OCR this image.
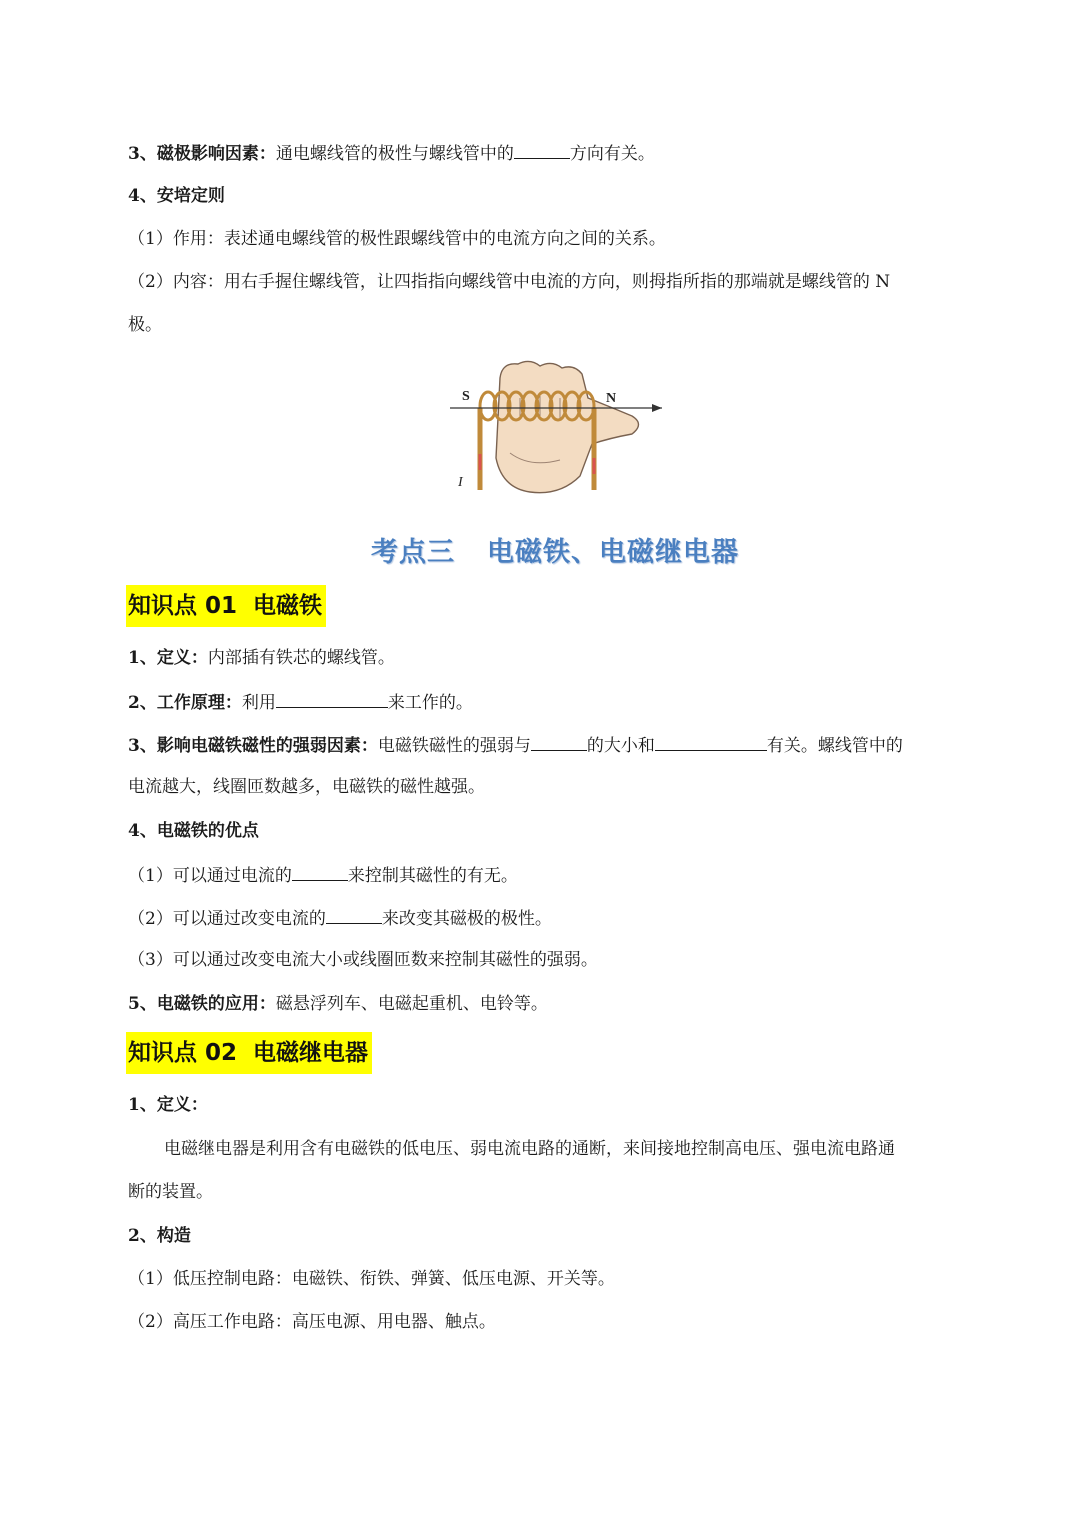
3、磁极影响因素：通电螺线管的极性与螺线管中的	方向有关。
4、安培定则
（1）作用：表述通电螺线管的极性跟螺线管中的电流方向之间的关系。
（2）内容：用右手握住螺线管，让四指指向螺线管中电流的方向，则拇指所指的那端就是螺线管的 N
极。
S	N
I
考点三 电磁铁、电磁继电器
知识点 01  电磁铁
1、定义：内部插有铁芯的螺线管。
2、工作原理：利用	来工作的。
3、影响电磁铁磁性的强弱因素：电磁铁磁性的强弱与	的大小和	有关。螺线管中的
电流越大，线圈匝数越多，电磁铁的磁性越强。
4、电磁铁的优点
（1）可以通过电流的	来控制其磁性的有无。
（2）可以通过改变电流的	来改变其磁极的极性。
（3）可以通过改变电流大小或线圈匝数来控制其磁性的强弱。
5、电磁铁的应用：磁悬浮列车、电磁起重机、电铃等。
知识点 02  电磁继电器
1、定义：
电磁继电器是利用含有电磁铁的低电压、弱电流电路的通断，来间接地控制高电压、强电流电路通
断的装置。
2、构造
（1）低压控制电路：电磁铁、衔铁、弹簧、低压电源、开关等。
（2）高压工作电路：高压电源、用电器、触点。
